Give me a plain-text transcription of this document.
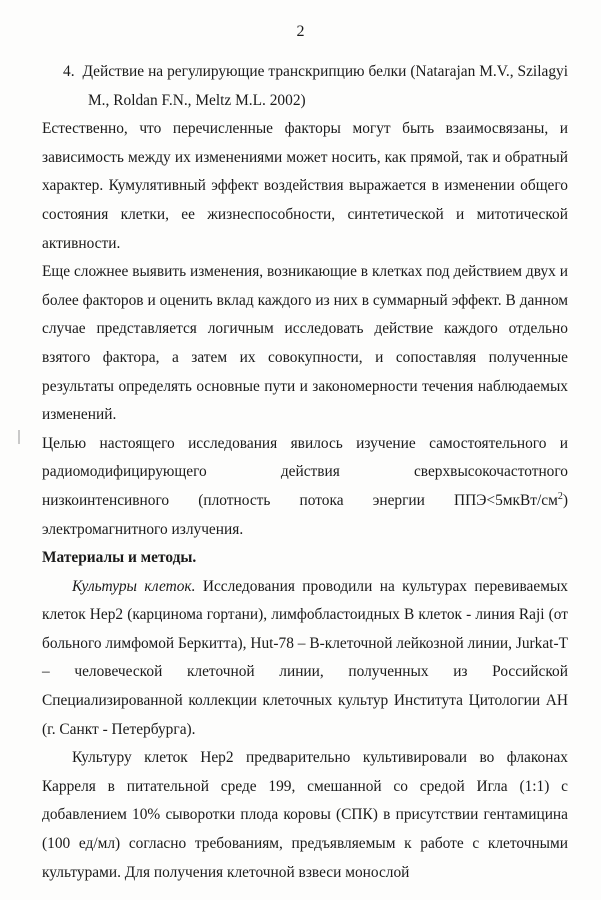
2

4. Действие на регулирующие транскрипцию белки (Natarajan M.V., Szilagyi M., Roldan F.N., Meltz M.L. 2002)

Естественно, что перечисленные факторы могут быть взаимосвязаны, и зависимость между их изменениями может носить, как прямой, так и обратный характер. Кумулятивный эффект воздействия выражается в изменении общего состояния клетки, ее жизнеспособности, синтетической и митотической активности.

Еще сложнее выявить изменения, возникающие в клетках под действием двух и более факторов и оценить вклад каждого из них в суммарный эффект. В данном случае представляется логичным исследовать действие каждого отдельно взятого фактора, а затем их совокупности, и сопоставляя полученные результаты определять основные пути и закономерности течения наблюдаемых изменений.

Целью настоящего исследования явилось изучение самостоятельного и
радиомодифицирующего действия сверхвысокочастотного
низкоинтенсивного (плотность потока энергии $ППЭ<5мкВт/см^2$)
электромагнитного излучения.

Материалы и методы.

Культуры клеток. Исследования проводили на культурах перевиваемых клеток Hep2 (карцинома гортани), лимфобластоидных В клеток - линия Raji (от больного лимфомой Беркитта), Hut-78 – В-клеточной лейкозной линии, Jurkat-T – человеческой клеточной линии, полученных из Российской Специализированной коллекции клеточных культур Института Цитологии АН (г. Санкт - Петербурга).

Культуру клеток Hep2 предварительно культивировали во флаконах Карреля в питательной среде 199, смешанной со средой Игла (1:1) с добавлением 10% сыворотки плода коровы (СПК) в присутствии гентамицина (100 ед/мл) согласно требованиям, предъявляемым к работе с клеточными культурами. Для получения клеточной взвеси монослой
